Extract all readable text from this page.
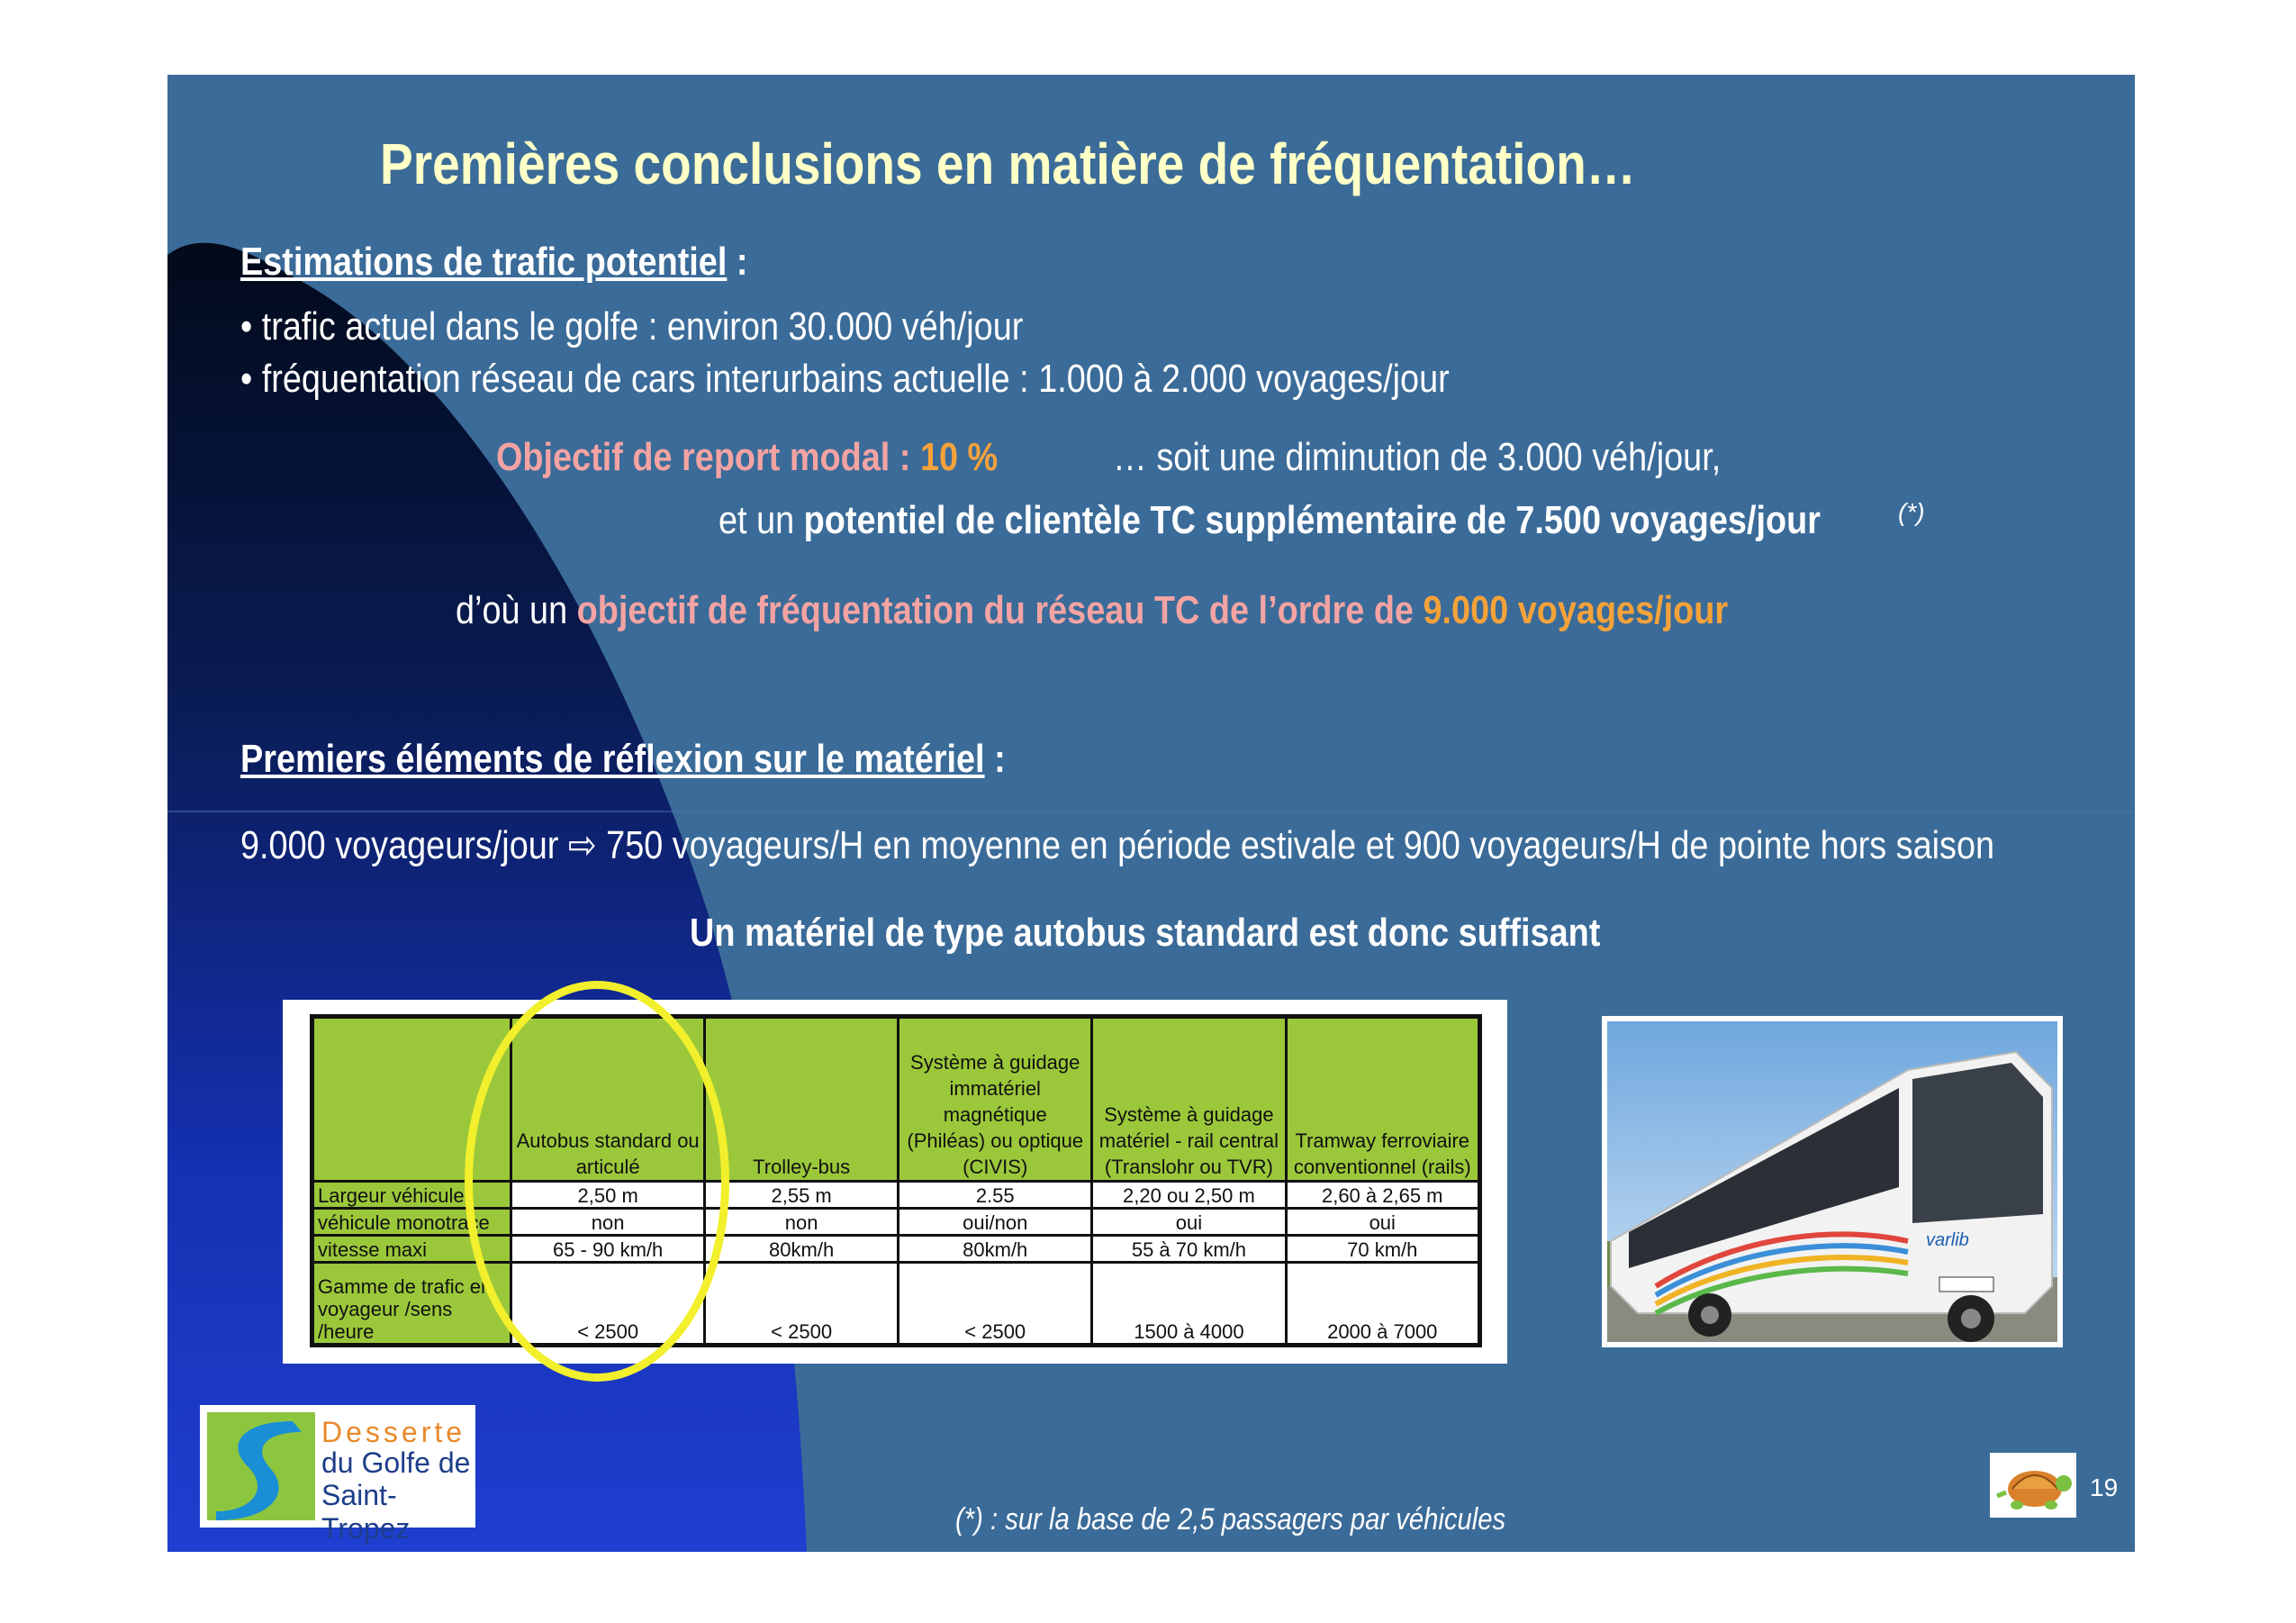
Premières conclusions en matière de fréquentation…
Estimations de trafic potentiel :
• trafic actuel dans le golfe : environ 30.000 véh/jour
• fréquentation réseau de cars interurbains actuelle : 1.000 à 2.000 voyages/jour
Objectif de report modal : 10 %	… soit une diminution de 3.000 véh/jour,
et un potentiel de clientèle TC supplémentaire de 7.500 voyages/jour	(*)
d’où un objectif de fréquentation du réseau TC de l’ordre de 9.000 voyages/jour
Premiers éléments de réflexion sur le matériel :
9.000 voyageurs/jour ⇨ 750 voyageurs/H en moyenne en période estivale et 900 voyageurs/H de pointe hors saison
Un matériel de type autobus standard est donc suffisant
	Autobus standard ou articulé	Trolley-bus	Système à guidage immatériel magnétique (Philéas) ou optique (CIVIS)	Système à guidage matériel - rail central (Translohr ou TVR)	Tramway ferroviaire conventionnel (rails)
Largeur véhicule	2,50 m	2,55 m	2.55	2,20 ou 2,50 m	2,60 à 2,65 m
véhicule monotrace	non	non	oui/non	oui	oui
vitesse maxi	65 - 90 km/h	80km/h	80km/h	55 à 70 km/h	70 km/h
Gamme de trafic en voyageur /sens /heure	< 2500	< 2500	< 2500	1500 à 4000	2000 à 7000
varlib
Desserte
du Golfe de
Saint-Tropez
19
(*) : sur la base de 2,5 passagers par véhicules
